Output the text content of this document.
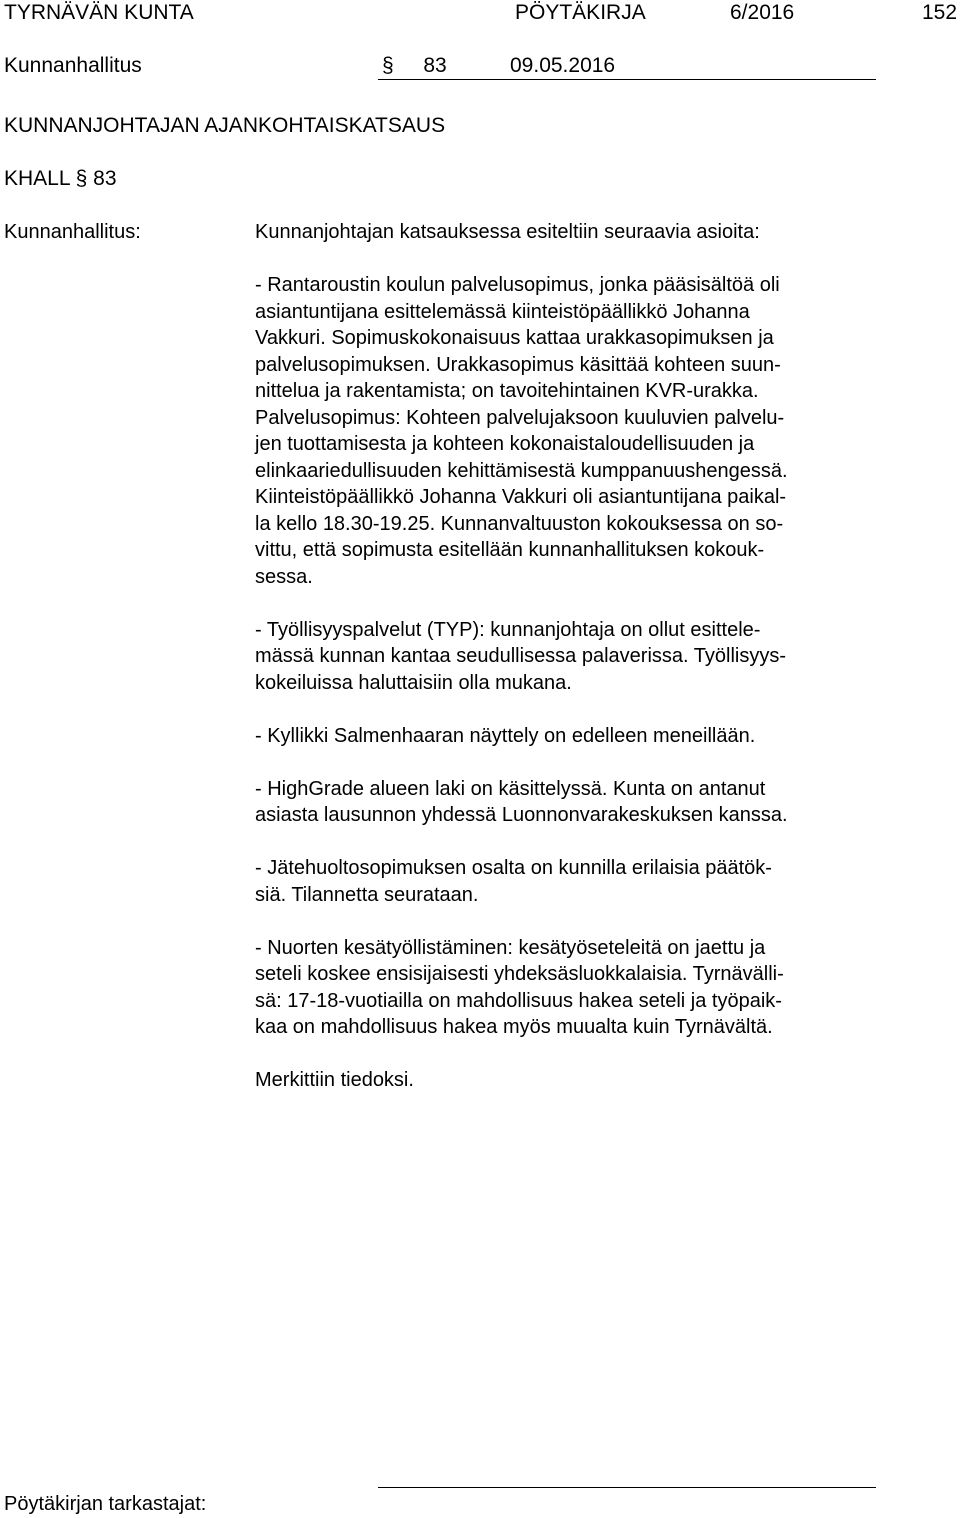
TYRNÄVÄN KUNTA	PÖYTÄKIRJA	6/2016	152
Kunnanhallitus	§ 83	09.05.2016
KUNNANJOHTAJAN AJANKOHTAISKATSAUS
KHALL § 83
Kunnanhallitus:	Kunnanjohtajan katsauksessa esiteltiin seuraavia asioita:

- Rantaroustin koulun palvelusopimus, jonka pääsisältöä oli
asiantuntijana esittelemässä kiinteistöpäällikkö Johanna
Vakkuri. Sopimuskokonaisuus kattaa urakkasopimuksen ja
palvelusopimuksen. Urakkasopimus käsittää kohteen suun-
nittelua ja rakentamista; on tavoitehintainen KVR-urakka.
Palvelusopimus: Kohteen palvelujaksoon kuuluvien palvelu-
jen tuottamisesta ja kohteen kokonaistaloudellisuuden ja
elinkaariedullisuuden kehittämisestä kumppanuushengessä.
Kiinteistöpäällikkö Johanna Vakkuri oli asiantuntijana paikal-
la kello 18.30-19.25. Kunnanvaltuuston kokouksessa on so-
vittu, että sopimusta esitellään kunnanhallituksen kokouk-
sessa.

- Työllisyyspalvelut (TYP): kunnanjohtaja on ollut esittele-
mässä kunnan kantaa seudullisessa palaverissa. Työllisyys-
kokeiluissa haluttaisiin olla mukana.

- Kyllikki Salmenhaaran näyttely on edelleen meneillään.

- HighGrade alueen laki on käsittelyssä. Kunta on antanut
asiasta lausunnon yhdessä Luonnonvarakeskuksen kanssa.

- Jätehuoltosopimuksen osalta on kunnilla erilaisia päätök-
siä. Tilannetta seurataan.

- Nuorten kesätyöllistäminen: kesätyöseteleitä on jaettu ja
seteli koskee ensisijaisesti yhdeksäsluokkalaisia. Tyrnävälli-
sä: 17-18-vuotiailla on mahdollisuus hakea seteli ja työpaik-
kaa on mahdollisuus hakea myös muualta kuin Tyrnävältä.

Merkittiin tiedoksi.

Pöytäkirjan tarkastajat:
